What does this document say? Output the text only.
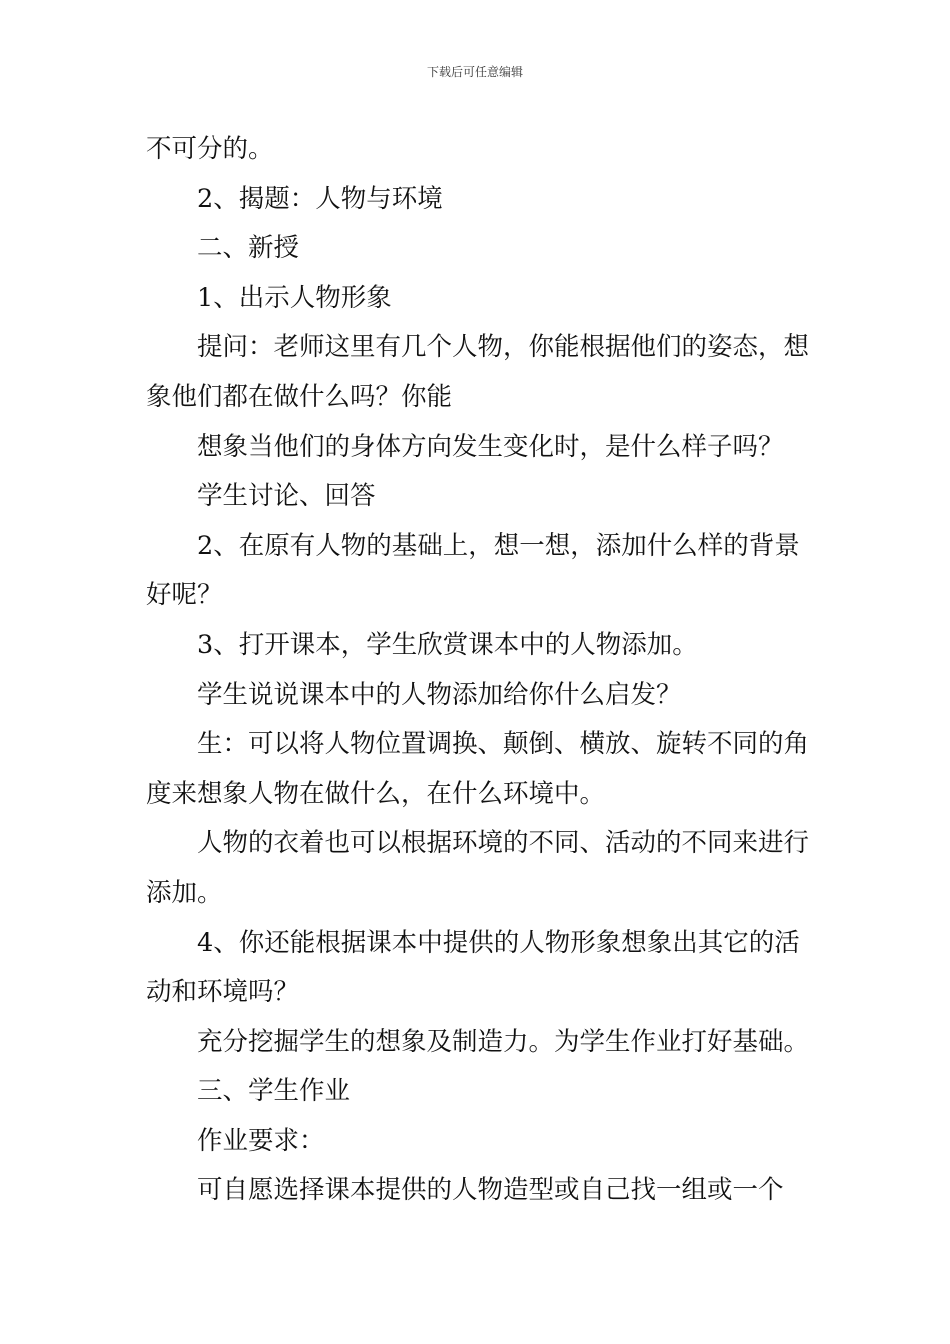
下载后可任意编辑

不可分的。

2、揭题：人物与环境

二、新授

1、出示人物形象

提问：老师这里有几个人物，你能根据他们的姿态，想象他们都在做什么吗？你能

想象当他们的身体方向发生变化时，是什么样子吗？

学生讨论、回答

2、在原有人物的基础上，想一想，添加什么样的背景好呢？

3、打开课本，学生欣赏课本中的人物添加。

学生说说课本中的人物添加给你什么启发？

生：可以将人物位置调换、颠倒、横放、旋转不同的角度来想象人物在做什么，在什么环境中。

人物的衣着也可以根据环境的不同、活动的不同来进行添加。

4、你还能根据课本中提供的人物形象想象出其它的活动和环境吗？

充分挖掘学生的想象及制造力。为学生作业打好基础。

三、学生作业

作业要求：

可自愿选择课本提供的人物造型或自己找一组或一个
